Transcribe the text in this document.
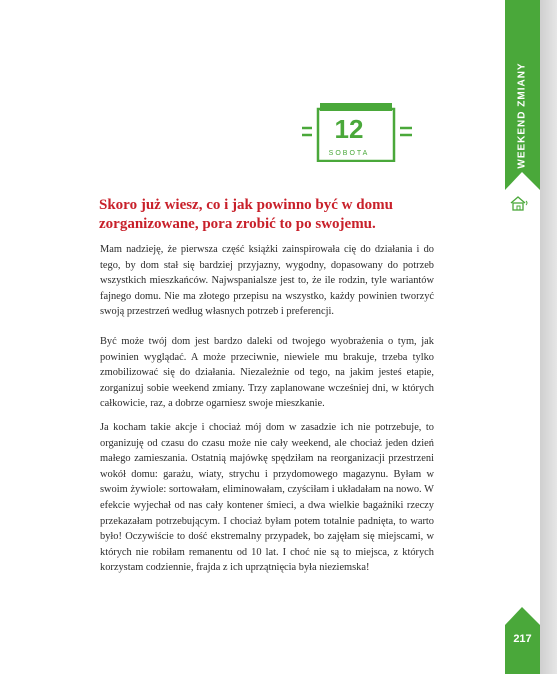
WEEKEND ZMIANY
12
SOBOTA
Skoro już wiesz, co i jak powinno być w domu zorganizowane, pora zrobić to po swojemu.
Mam nadzieję, że pierwsza część książki zainspirowała cię do działania i do tego, by dom stał się bardziej przyjazny, wygodny, dopasowany do potrzeb wszystkich mieszkańców. Najwspanialsze jest to, że ile rodzin, tyle wariantów fajnego domu. Nie ma złotego przepisu na wszystko, każdy powinien tworzyć swoją przestrzeń według własnych potrzeb i preferencji.
Być może twój dom jest bardzo daleki od twojego wyobrażenia o tym, jak powinien wyglądać. A może przeciwnie, niewiele mu brakuje, trzeba tylko zmobilizować się do działania. Niezależnie od tego, na jakim jesteś etapie, zorganizuj sobie weekend zmiany. Trzy zaplanowane wcześniej dni, w których całkowicie, raz, a dobrze ogarniesz swoje mieszkanie.
Ja kocham takie akcje i chociaż mój dom w zasadzie ich nie potrzebuje, to organizuję od czasu do czasu może nie cały weekend, ale chociaż jeden dzień małego zamieszania. Ostatnią majówkę spędziłam na reorganizacji przestrzeni wokół domu: garażu, wiaty, strychu i przydomowego magazynu. Byłam w swoim żywiole: sortowałam, eliminowałam, czyściłam i układałam na nowo. W efekcie wyjechał od nas cały kontener śmieci, a dwa wielkie bagażniki rzeczy przekazałam potrzebującym. I chociaż byłam potem totalnie padnięta, to warto było! Oczywiście to dość ekstremalny przypadek, bo zajęłam się miejscami, w których nie robiłam remanentu od 10 lat. I choć nie są to miejsca, z których korzystam codziennie, frajda z ich uprzątnięcia była nieziemska!
217
